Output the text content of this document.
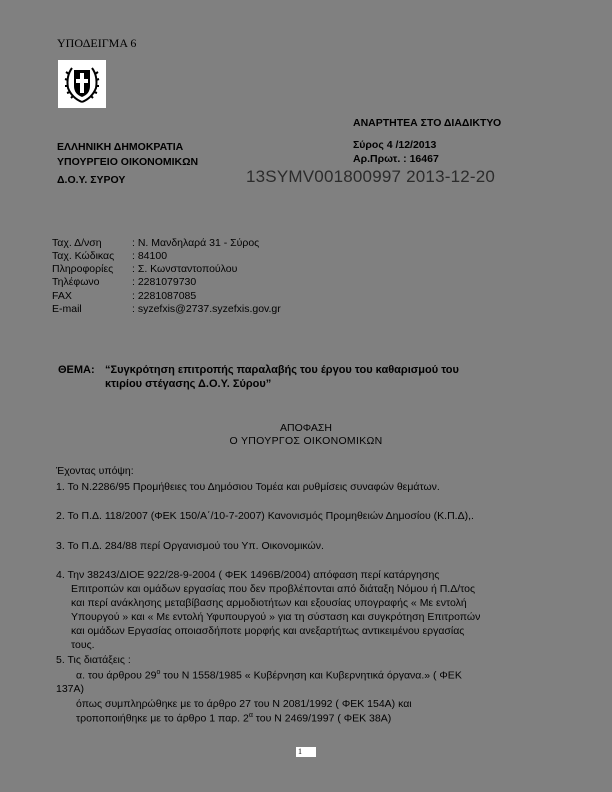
ΥΠΟΔΕΙΓΜΑ 6
ΑΝΑΡΤΗΤΕΑ ΣΤΟ ΔΙΑΔΙΚΤΥΟ
Σύρος 4 /12/2013
Αρ.Πρωτ. : 16467
ΕΛΛΗΝΙΚΗ ΔΗΜΟΚΡΑΤΙΑ
ΥΠΟΥΡΓΕΙΟ ΟΙΚΟΝΟΜΙΚΩΝ
Δ.Ο.Υ. ΣΥΡΟΥ	13SYMV001800997 2013-12-20
Ταχ. Δ/νση	: Ν. Μανδηλαρά 31 - Σύρος
Ταχ. Κώδικας : 84100
Πληροφορίες : Σ. Κωνσταντοπούλου
Τηλέφωνο	: 2281079730
FAX	: 2281087085
E-mail	: syzefxis@2737.syzefxis.gov.gr
ΘΕΜΑ: “Συγκρότηση επιτροπής παραλαβής του έργου του καθαρισμού του
κτιρίου στέγασης Δ.Ο.Υ. Σύρου”
ΑΠΟΦΑΣΗ
Ο ΥΠΟΥΡΓΟΣ ΟΙΚΟΝΟΜΙΚΩΝ
Έχοντας υπόψη:
1. Το Ν.2286/95 Προμήθειες του Δημόσιου Τομέα και ρυθμίσεις συναφών θεμάτων.
2. Το Π.Δ. 118/2007 (ΦΕΚ 150/Α΄/10-7-2007) Κανονισμός Προμηθειών Δημοσίου (Κ.Π.Δ),.
3. Το Π.Δ. 284/88 περί Οργανισμού του Υπ. Οικονομικών.
4. Την 38243/ΔΙΟΕ 922/28-9-2004 ( ΦΕΚ 1496Β/2004) απόφαση περί κατάργησης
Επιτροπών και ομάδων εργασίας που δεν προβλέπονται από διάταξη Νόμου ή Π.Δ/τος
και περί ανάκλησης μεταβίβασης αρμοδιοτήτων και εξουσίας υπογραφής « Με εντολή
Υπουργού » και « Με εντολή Υφυπουργού » για τη σύσταση και συγκρότηση Επιτροπών
και ομάδων Εργασίας οποιασδήποτε μορφής και ανεξαρτήτως αντικειμένου εργασίας
τους.
5. Τις διατάξεις :
α. του άρθρου $29^o$ του Ν 1558/1985 « Κυβέρνηση και Κυβερνητικά όργανα.» ( ΦΕΚ
137Α)
όπως συμπληρώθηκε με το άρθρο 27 του Ν 2081/1992 ( ΦΕΚ 154Α) και
τροποποιήθηκε με το άρθρο 1 παρ. $2^\alpha$ του Ν 2469/1997 ( ΦΕΚ 38Α)
1
